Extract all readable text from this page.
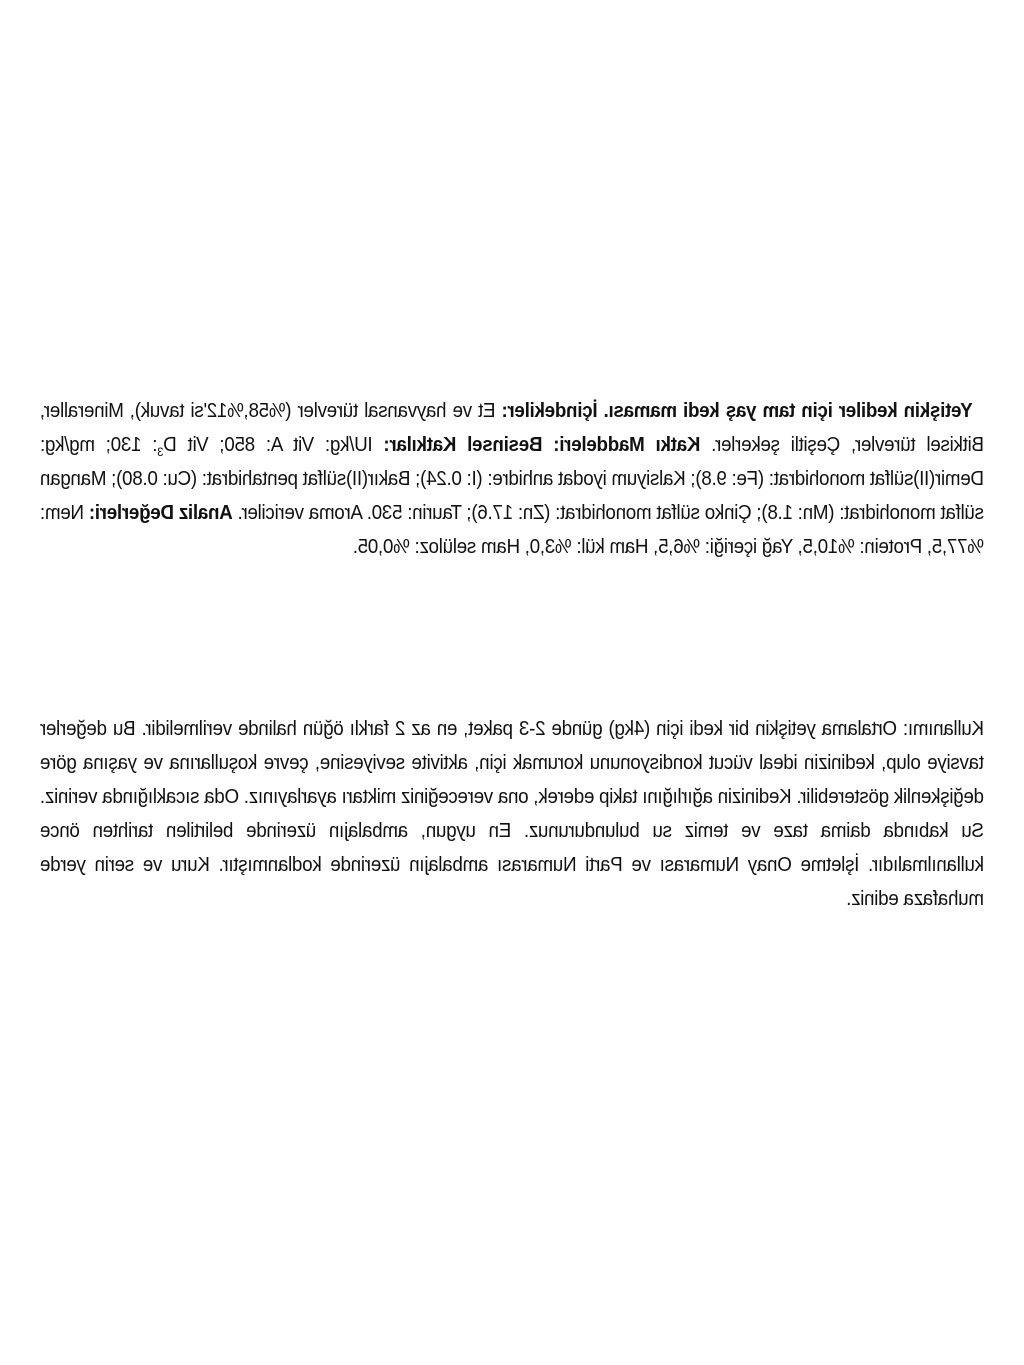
Yetişkin kediler için tam yaş kedi maması. İçindekiler: Et ve hayvansal türevler (%58,%12'si tavuk), Mineraller, Bitkisel türevler, Çeşitli şekerler. Katkı Maddeleri: Besinsel Katkılar: IU/kg: Vit A: 850; Vit $D_3$: 130; mg/kg: Demir(II)sülfat monohidrat: (Fe: 9.8); Kalsiyum iyodat anhidre: (I: 0.24); Bakır(II)sülfat pentahidrat: (Cu: 0.80); Mangan sülfat monohidrat: (Mn: 1.8); Çinko sülfat monohidrat: (Zn: 17.6); Taurin: 530. Aroma vericiler. Analiz Değerleri: Nem: %77,5, Protein: %10,5, Yağ içeriği: %6,5, Ham kül: %3,0, Ham selüloz: %0,05.

Kullanımı: Ortalama yetişkin bir kedi için (4kg) günde 2-3 paket, en az 2 farklı öğün halinde verilmelidir. Bu değerler tavsiye olup, kedinizin ideal vücut kondisyonunu korumak için, aktivite seviyesine, çevre koşullarına ve yaşına göre değişkenlik gösterebilir. Kedinizin ağırlığını takip ederek, ona vereceğiniz miktarı ayarlayınız. Oda sıcaklığında veriniz. Su kabında daima taze ve temiz su bulundurunuz. En uygun, ambalajın üzerinde belirtilen tarihten önce kullanılmalıdır. İşletme Onay Numarası ve Parti Numarası ambalajın üzerinde kodlanmıştır. Kuru ve serin yerde muhafaza ediniz.
